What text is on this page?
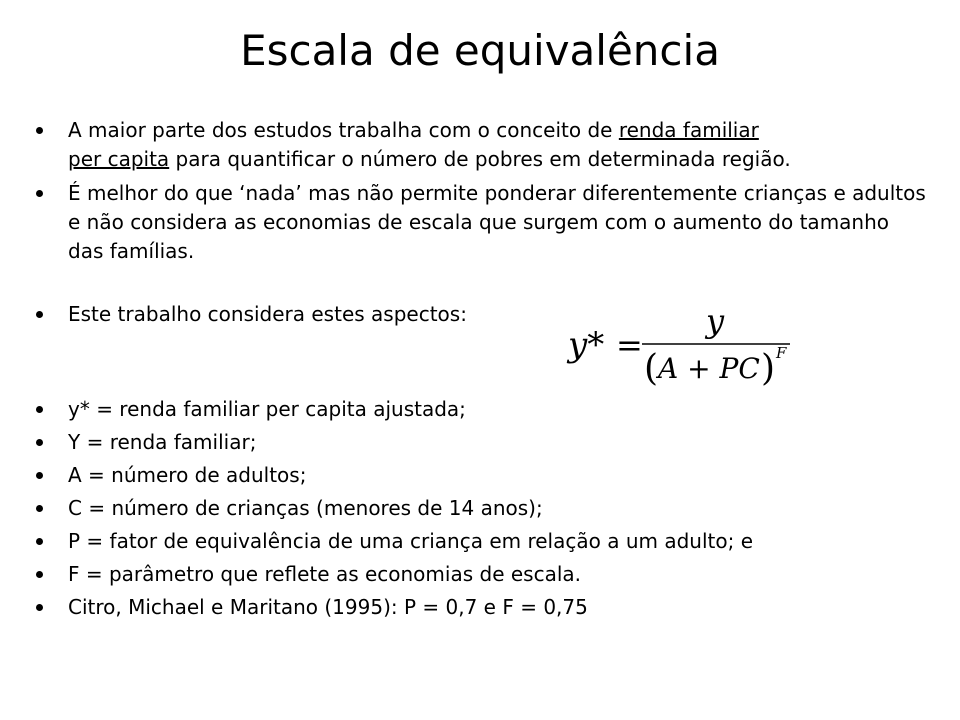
Escala de equivalência
A maior parte dos estudos trabalha com o conceito de renda familiar
per capita para quantificar o número de pobres em determinada região.
É melhor do que ‘nada’ mas não permite ponderar diferentemente crianças e adultos e não considera as economias de escala que surgem com o aumento do tamanho das famílias.
Este trabalho considera estes aspectos:
y* = renda familiar per capita ajustada;
Y = renda familiar;
A = número de adultos;
C = número de crianças (menores de 14 anos);
P = fator de equivalência de uma criança em relação a um adulto; e
F = parâmetro que reflete as economias de escala.
Citro, Michael e Maritano (1995): P = 0,7 e F = 0,75
y* =
y
( A + PC ) F
